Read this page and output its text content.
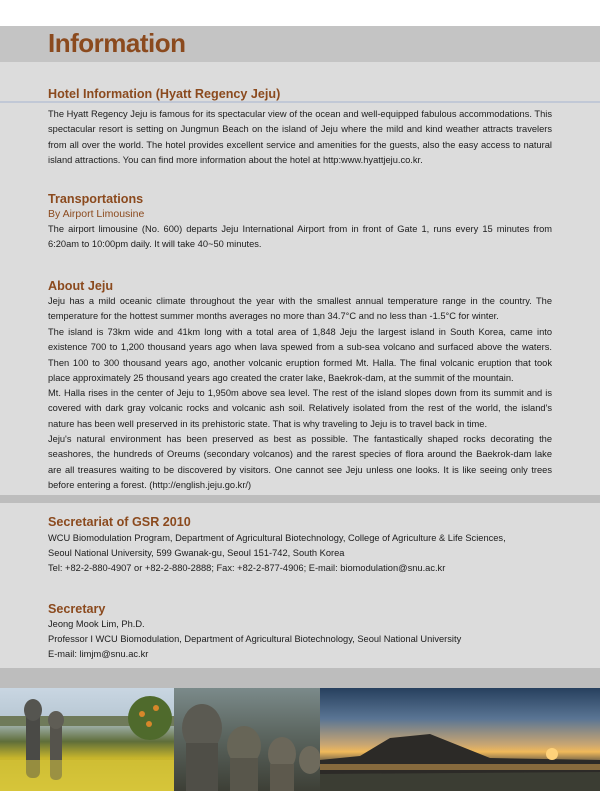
Information
Hotel Information (Hyatt Regency Jeju)

The Hyatt Regency Jeju is famous for its spectacular view of the ocean and well-equipped fabulous accommodations. This spectacular resort is setting on Jungmun Beach on the island of Jeju where the mild and kind weather attracts travelers from all over the world. The hotel provides excellent service and amenities for the guests, also the easy access to natural island attractions. You can find more information about the hotel at http:www.hyattjeju.co.kr.

Transportations

By Airport Limousine

The airport limousine (No. 600) departs Jeju International Airport from in front of Gate 1, runs every 15 minutes from 6:20am to 10:00pm daily. It will take 40~50 minutes.

About Jeju

Jeju has a mild oceanic climate throughout the year with the smallest annual temperature range in the country. The temperature for the hottest summer months averages no more than 34.7°C and no less than -1.5°C for winter.

The island is 73km wide and 41km long with a total area of 1,848 Jeju the largest island in South Korea, came into existence 700 to 1,200 thousand years ago when lava spewed from a sub-sea volcano and surfaced above the waters. Then 100 to 300 thousand years ago, another volcanic eruption formed Mt. Halla. The final volcanic eruption that took place approximately 25 thousand years ago created the crater lake, Baekrok-dam, at the summit of the mountain.

Mt. Halla rises in the center of Jeju to 1,950m above sea level. The rest of the island slopes down from its summit and is covered with dark gray volcanic rocks and volcanic ash soil. Relatively isolated from the rest of the world, the island's nature has been well preserved in its prehistoric state. That is why traveling to Jeju is to travel back in time.

Jeju's natural environment has been preserved as best as possible. The fantastically shaped rocks decorating the seashores, the hundreds of Oreums (secondary volcanos) and the rarest species of flora around the Baekrok-dam lake are all treasures waiting to be discovered by visitors. One cannot see Jeju unless one looks. It is like seeing only trees before entering a forest. (http://english.jeju.go.kr/)

Secretariat of GSR 2010

WCU Biomodulation Program, Department of Agricultural Biotechnology, College of Agriculture & Life Sciences,

Seoul National University, 599 Gwanak-gu, Seoul 151-742, South Korea

Tel: +82-2-880-4907 or +82-2-880-2888; Fax: +82-2-877-4906; E-mail: biomodulation@snu.ac.kr

Secretary

Jeong Mook Lim, Ph.D.

Professor I WCU Biomodulation, Department of Agricultural Biotechnology, Seoul National University

E-mail: limjm@snu.ac.kr
